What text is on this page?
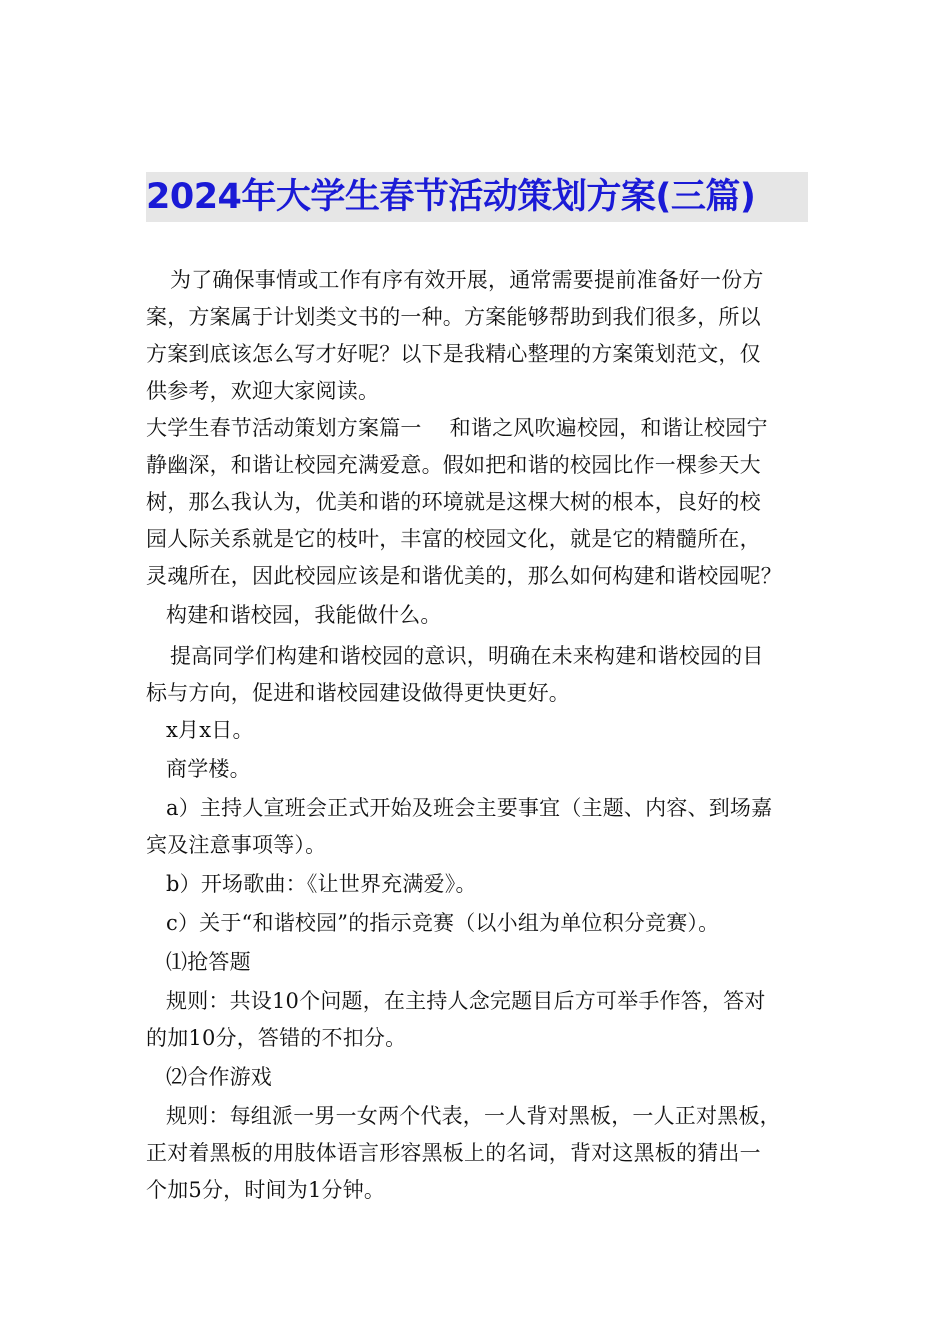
2024年大学生春节活动策划方案(三篇)
为了确保事情或工作有序有效开展，通常需要提前准备好一份方
案，方案属于计划类文书的一种。方案能够帮助到我们很多，所以
方案到底该怎么写才好呢？以下是我精心整理的方案策划范文，仅
供参考，欢迎大家阅读。
大学生春节活动策划方案篇一　 和谐之风吹遍校园，和谐让校园宁
静幽深，和谐让校园充满爱意。假如把和谐的校园比作一棵参天大
树，那么我认为，优美和谐的环境就是这棵大树的根本，良好的校
园人际关系就是它的枝叶，丰富的校园文化，就是它的精髓所在，
灵魂所在，因此校园应该是和谐优美的，那么如何构建和谐校园呢？
构建和谐校园，我能做什么。
提高同学们构建和谐校园的意识，明确在未来构建和谐校园的目
标与方向，促进和谐校园建设做得更快更好。
x月x日。
商学楼。
a）主持人宣班会正式开始及班会主要事宜（主题、内容、到场嘉
宾及注意事项等）。
b）开场歌曲：《让世界充满爱》。
c）关于“和谐校园”的指示竞赛（以小组为单位积分竞赛）。
⑴抢答题
规则：共设10个问题，在主持人念完题目后方可举手作答，答对
的加10分，答错的不扣分。
⑵合作游戏
规则：每组派一男一女两个代表，一人背对黑板，一人正对黑板，
正对着黑板的用肢体语言形容黑板上的名词，背对这黑板的猜出一
个加5分，时间为1分钟。
